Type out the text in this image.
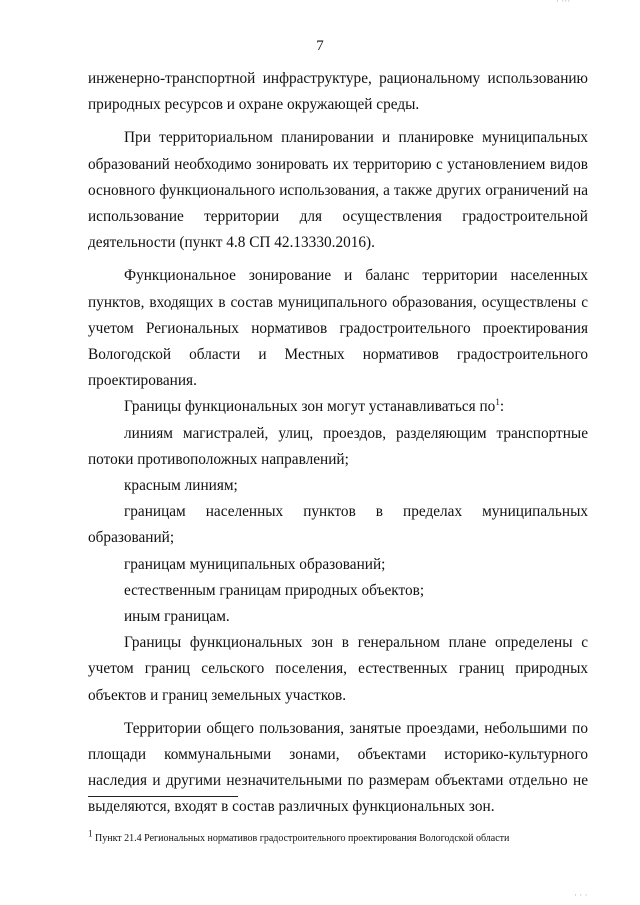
· ···
7

инженерно-транспортной инфраструктуре, рациональному использованию природных ресурсов и охране окружающей среды.

При территориальном планировании и планировке муниципальных образований необходимо зонировать их территорию с установлением видов основного функционального использования, а также других ограничений на использование территории для осуществления градостроительной деятельности (пункт 4.8 СП 42.13330.2016).

Функциональное зонирование и баланс территории населенных пунктов, входящих в состав муниципального образования, осуществлены с учетом Региональных нормативов градостроительного проектирования Вологодской области и Местных нормативов градостроительного проектирования.

Границы функциональных зон могут устанавливаться $по^1$:

линиям магистралей, улиц, проездов, разделяющим транспортные потоки противоположных направлений;

красным линиям;

границам населенных пунктов в пределах муниципальных образований;

границам муниципальных образований;

естественным границам природных объектов;

иным границам.

Границы функциональных зон в генеральном плане определены с учетом границ сельского поселения, естественных границ природных объектов и границ земельных участков.

Территории общего пользования, занятые проездами, небольшими по площади коммунальными зонами, объектами историко-культурного наследия и другими незначительными по размерам объектами отдельно не выделяются, входят в состав различных функциональных зон.

$^1$ Пункт 21.4 Региональных нормативов градостроительного проектирования Вологодской области
· · ·
